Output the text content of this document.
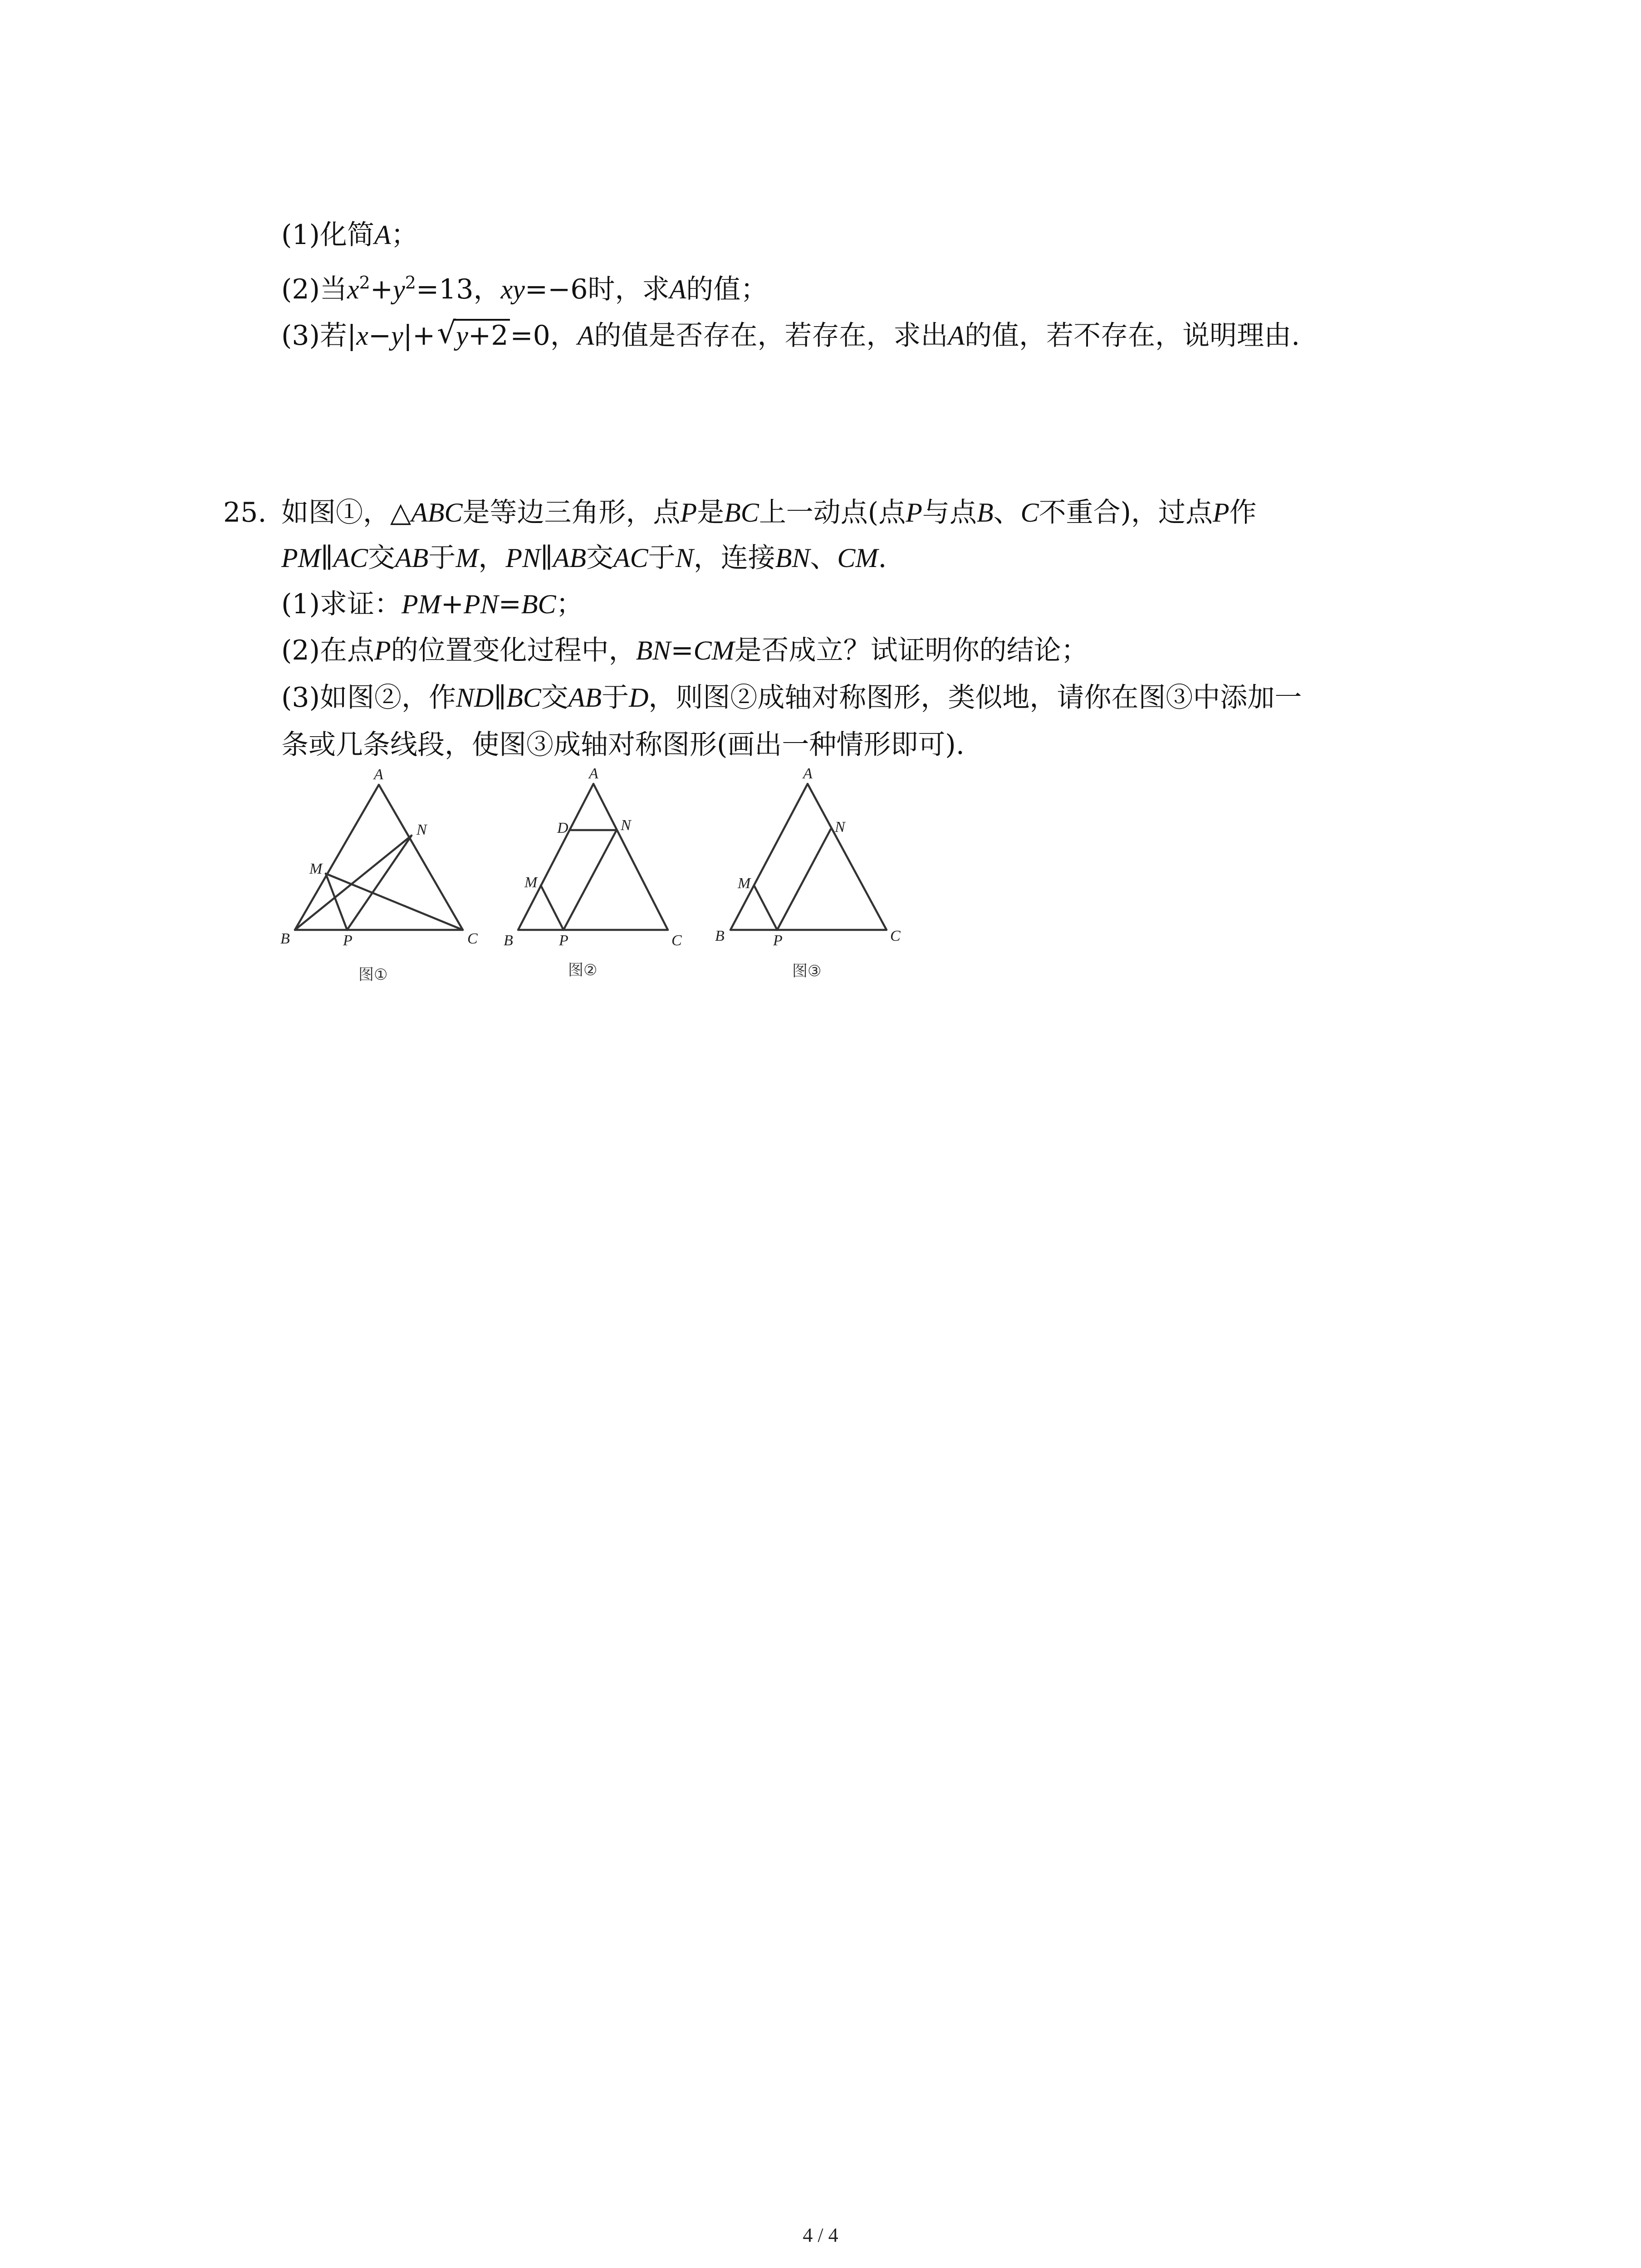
(1)化简A；
(2)当$x^2+y^2=13$，xy=−6时，求A的值；
(3)若|x−y|+ √ y+2=0，A的值是否存在，若存在，求出A的值，若不存在，说明理由.
25. 如图①，△ABC是等边三角形，点P是BC上一动点(点P与点B、C不重合)，过点P作
PM∥AC交AB于M，PN∥AB交AC于N，连接BN、CM.
(1)求证：PM+PN=BC；
(2)在点P的位置变化过程中，BN=CM是否成立？试证明你的结论；
(3)如图②，作ND∥BC交AB于D，则图②成轴对称图形，类似地，请你在图③中添加一
条或几条线段，使图③成轴对称图形(画出一种情形即可).
A
B	C
M
N
P
A
B	C
D
M
N
P
A
B	C
M
N
P
图①	图②	图③
4 / 4
